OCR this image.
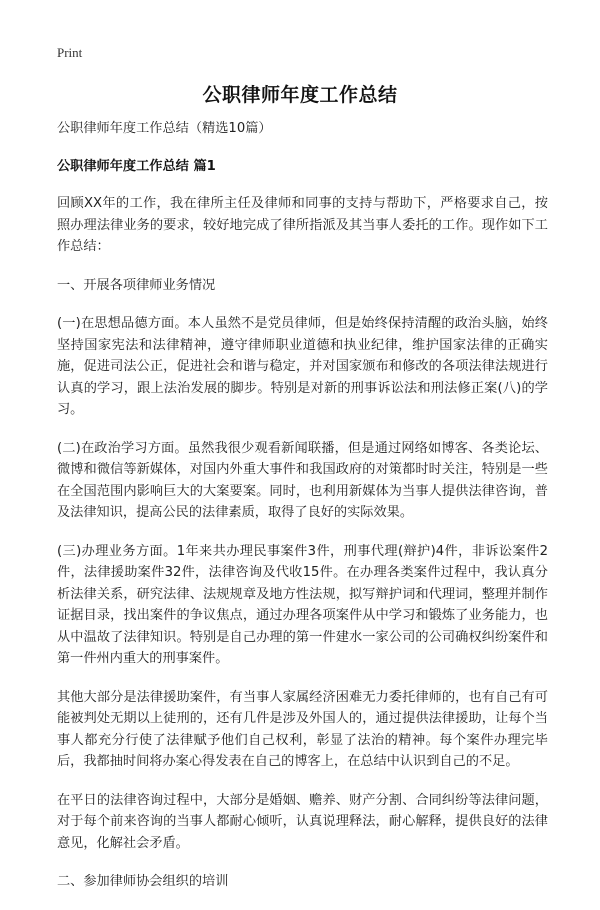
Print
公职律师年度工作总结

公职律师年度工作总结（精选10篇）

公职律师年度工作总结 篇1

回顾XX年的工作，我在律所主任及律师和同事的支持与帮助下，严格要求自己，按照办理法律业务的要求，较好地完成了律所指派及其当事人委托的工作。现作如下工作总结：

一、开展各项律师业务情况

(一)在思想品德方面。本人虽然不是党员律师，但是始终保持清醒的政治头脑，始终坚持国家宪法和法律精神，遵守律师职业道德和执业纪律，维护国家法律的正确实施，促进司法公正，促进社会和谐与稳定，并对国家颁布和修改的各项法律法规进行认真的学习，跟上法治发展的脚步。特别是对新的刑事诉讼法和刑法修正案(八)的学习。

(二)在政治学习方面。虽然我很少观看新闻联播，但是通过网络如博客、各类论坛、微博和微信等新媒体，对国内外重大事件和我国政府的对策都时时关注，特别是一些在全国范围内影响巨大的大案要案。同时，也利用新媒体为当事人提供法律咨询，普及法律知识，提高公民的法律素质，取得了良好的实际效果。

(三)办理业务方面。1年来共办理民事案件3件，刑事代理(辩护)4件，非诉讼案件2件，法律援助案件32件，法律咨询及代收15件。在办理各类案件过程中，我认真分析法律关系，研究法律、法规规章及地方性法规，拟写辩护词和代理词，整理并制作证据目录，找出案件的争议焦点，通过办理各项案件从中学习和锻炼了业务能力，也从中温故了法律知识。特别是自己办理的第一件建水一家公司的公司确权纠纷案件和第一件州内重大的刑事案件。

其他大部分是法律援助案件，有当事人家属经济困难无力委托律师的，也有自己有可能被判处无期以上徒刑的，还有几件是涉及外国人的，通过提供法律援助，让每个当事人都充分行使了法律赋予他们自己权利，彰显了法治的精神。每个案件办理完毕后，我都抽时间将办案心得发表在自己的博客上，在总结中认识到自己的不足。

在平日的法律咨询过程中，大部分是婚姻、赡养、财产分割、合同纠纷等法律问题，对于每个前来咨询的当事人都耐心倾听，认真说理释法，耐心解释，提供良好的法律意见，化解社会矛盾。

二、参加律师协会组织的培训
